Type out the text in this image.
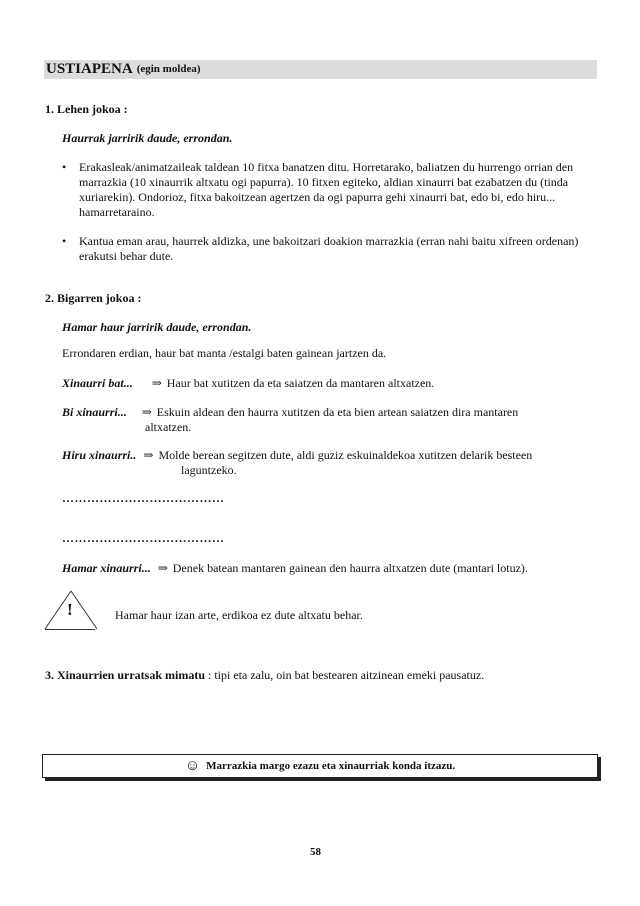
USTIAPENA (egin moldea)
1. Lehen jokoa :
Haurrak jarririk daude, errondan.
•	Erakasleak/animatzaileak taldean 10 fitxa banatzen ditu. Horretarako, baliatzen du hurrengo orrian den marrazkia (10 xinaurrik altxatu ogi papurra). 10 fitxen egiteko, aldian xinaurri bat ezabatzen du (tinda xuriarekin). Ondorioz, fitxa bakoitzean agertzen da ogi papurra gehi xinaurri bat, edo bi, edo hiru... hamarretaraino.
•	Kantua eman arau, haurrek aldizka, une bakoitzari doakion marrazkia (erran nahi baitu xifreen ordenan) erakutsi behar dute.
2. Bigarren jokoa :
Hamar haur jarririk daude, errondan.
Errondaren erdian, haur bat manta /estalgi baten gainean jartzen da.
Xinaurri bat... ⇒ Haur bat xutitzen da eta saiatzen da mantaren altxatzen.
Bi xinaurri... ⇒ Eskuin aldean den haurra xutitzen da eta bien artean saiatzen dira mantaren
altxatzen.
Hiru xinaurri.. ⇒ Molde berean segitzen dute, aldi guziz eskuinaldekoa xutitzen delarik besteen
laguntzeko.
…………………………………
…………………………………
Hamar xinaurri... ⇒ Denek batean mantaren gainean den haurra altxatzen dute (mantari lotuz).
!	Hamar haur izan arte, erdikoa ez dute altxatu behar.
3. Xinaurrien urratsak mimatu : tipi eta zalu, oin bat bestearen aitzinean emeki pausatuz.
☺ Marrazkia margo ezazu eta xinaurriak konda itzazu.
58
